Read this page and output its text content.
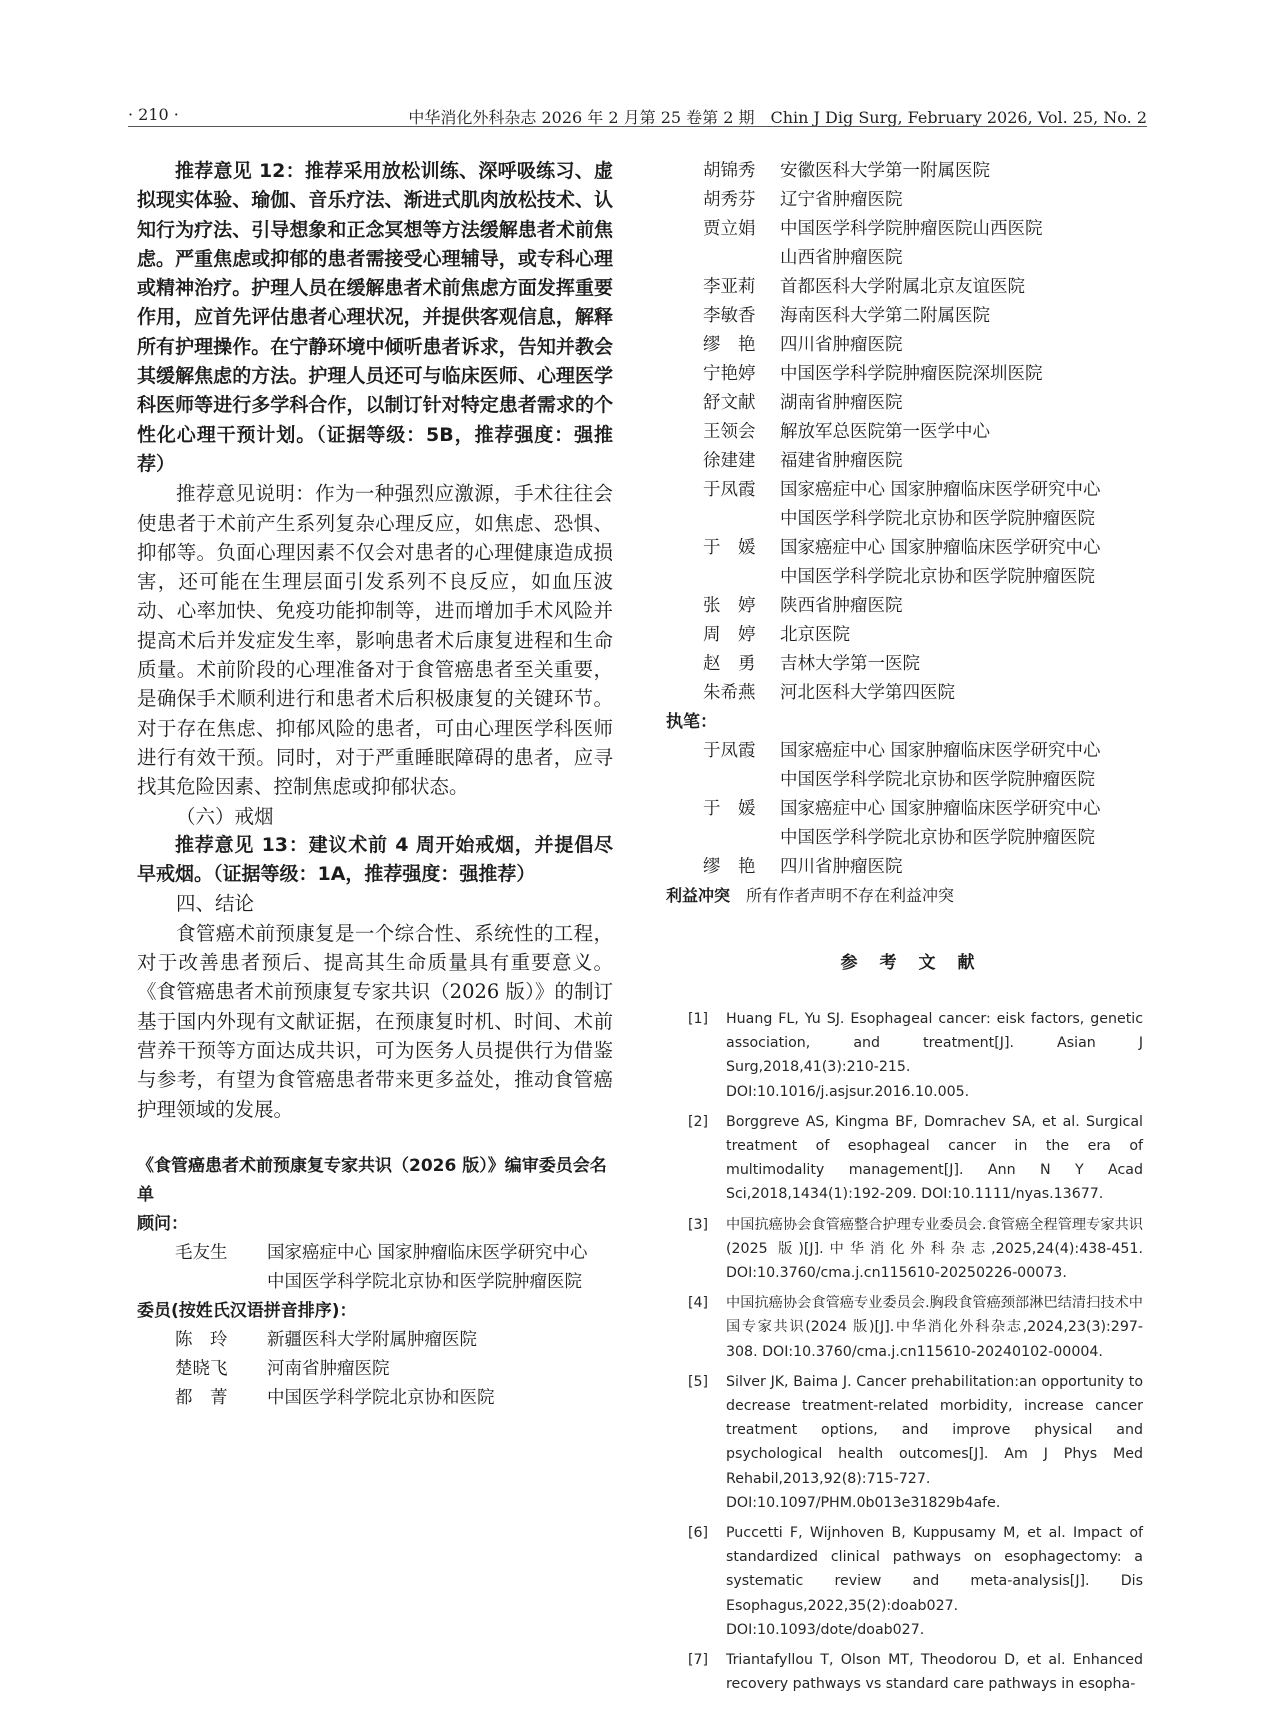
· 210 ·	中华消化外科杂志 2026 年 2 月第 25 卷第 2 期　Chin J Dig Surg, February 2026, Vol. 25, No. 2

推荐意见 12：推荐采用放松训练、深呼吸练习、虚拟现实体验、瑜伽、音乐疗法、渐进式肌肉放松技术、认知行为疗法、引导想象和正念冥想等方法缓解患者术前焦虑。严重焦虑或抑郁的患者需接受心理辅导，或专科心理或精神治疗。护理人员在缓解患者术前焦虑方面发挥重要作用，应首先评估患者心理状况，并提供客观信息，解释所有护理操作。在宁静环境中倾听患者诉求，告知并教会其缓解焦虑的方法。护理人员还可与临床医师、心理医学科医师等进行多学科合作，以制订针对特定患者需求的个性化心理干预计划。（证据等级：5B，推荐强度：强推荐）

推荐意见说明：作为一种强烈应激源，手术往往会使患者于术前产生系列复杂心理反应，如焦虑、恐惧、抑郁等。负面心理因素不仅会对患者的心理健康造成损害，还可能在生理层面引发系列不良反应，如血压波动、心率加快、免疫功能抑制等，进而增加手术风险并提高术后并发症发生率，影响患者术后康复进程和生命质量。术前阶段的心理准备对于食管癌患者至关重要，是确保手术顺利进行和患者术后积极康复的关键环节。对于存在焦虑、抑郁风险的患者，可由心理医学科医师进行有效干预。同时，对于严重睡眠障碍的患者，应寻找其危险因素、控制焦虑或抑郁状态。

（六）戒烟

推荐意见 13：建议术前 4 周开始戒烟，并提倡尽早戒烟。（证据等级：1A，推荐强度：强推荐）

四、结论

食管癌术前预康复是一个综合性、系统性的工程，对于改善患者预后、提高其生命质量具有重要意义。《食管癌患者术前预康复专家共识（2026 版）》的制订基于国内外现有文献证据，在预康复时机、时间、术前营养干预等方面达成共识，可为医务人员提供行为借鉴与参考，有望为食管癌患者带来更多益处，推动食管癌护理领域的发展。

《食管癌患者术前预康复专家共识（2026 版）》编审委员会名单

顾问：

毛友生	国家癌症中心 国家肿瘤临床医学研究中心
中国医学科学院北京协和医学院肿瘤医院

委员(按姓氏汉语拼音排序)：

陈　玲	新疆医科大学附属肿瘤医院
楚晓飞	河南省肿瘤医院
都　菁	中国医学科学院北京协和医院
胡锦秀	安徽医科大学第一附属医院
胡秀芬	辽宁省肿瘤医院
贾立娟	中国医学科学院肿瘤医院山西医院
山西省肿瘤医院
李亚莉	首都医科大学附属北京友谊医院
李敏香	海南医科大学第二附属医院
缪　艳	四川省肿瘤医院
宁艳婷	中国医学科学院肿瘤医院深圳医院
舒文献	湖南省肿瘤医院
王领会	解放军总医院第一医学中心
徐建建	福建省肿瘤医院
于凤霞	国家癌症中心 国家肿瘤临床医学研究中心
中国医学科学院北京协和医学院肿瘤医院
于　媛	国家癌症中心 国家肿瘤临床医学研究中心
中国医学科学院北京协和医学院肿瘤医院
张　婷	陕西省肿瘤医院
周　婷	北京医院
赵　勇	吉林大学第一医院
朱希燕	河北医科大学第四医院

执笔：

于凤霞	国家癌症中心 国家肿瘤临床医学研究中心
中国医学科学院北京协和医学院肿瘤医院
于　媛	国家癌症中心 国家肿瘤临床医学研究中心
中国医学科学院北京协和医学院肿瘤医院
缪　艳	四川省肿瘤医院
利益冲突 所有作者声明不存在利益冲突
参考文献
[1]	Huang FL, Yu SJ. Esophageal cancer: eisk factors, genetic association, and treatment[J]. Asian J Surg,2018,41(3):210-215. DOI:10.1016/j.asjsur.2016.10.005.
[2]	Borggreve AS, Kingma BF, Domrachev SA, et al. Surgical treatment of esophageal cancer in the era of multimodality management[J]. Ann N Y Acad Sci,2018,1434(1):192-209. DOI:10.1111/nyas.13677.
[3]	中国抗癌协会食管癌整合护理专业委员会.食管癌全程管理专家共识(2025 版)[J].中华消化外科杂志,2025,24(4):438-451. DOI:10.3760/cma.j.cn115610-20250226-00073.
[4]	中国抗癌协会食管癌专业委员会.胸段食管癌颈部淋巴结清扫技术中国专家共识(2024 版)[J].中华消化外科杂志,2024,23(3):297-308. DOI:10.3760/cma.j.cn115610-20240102-00004.
[5]	Silver JK, Baima J. Cancer prehabilitation:an opportunity to decrease treatment-related morbidity, increase cancer treatment options, and improve physical and psychological health outcomes[J]. Am J Phys Med Rehabil,2013,92(8):715-727. DOI:10.1097/PHM.0b013e31829b4afe.
[6]	Puccetti F, Wijnhoven B, Kuppusamy M, et al. Impact of standardized clinical pathways on esophagectomy: a systematic review and meta-analysis[J]. Dis Esophagus,2022,35(2):doab027. DOI:10.1093/dote/doab027.
[7]	Triantafyllou T, Olson MT, Theodorou D, et al. Enhanced recovery pathways vs standard care pathways in esopha-
